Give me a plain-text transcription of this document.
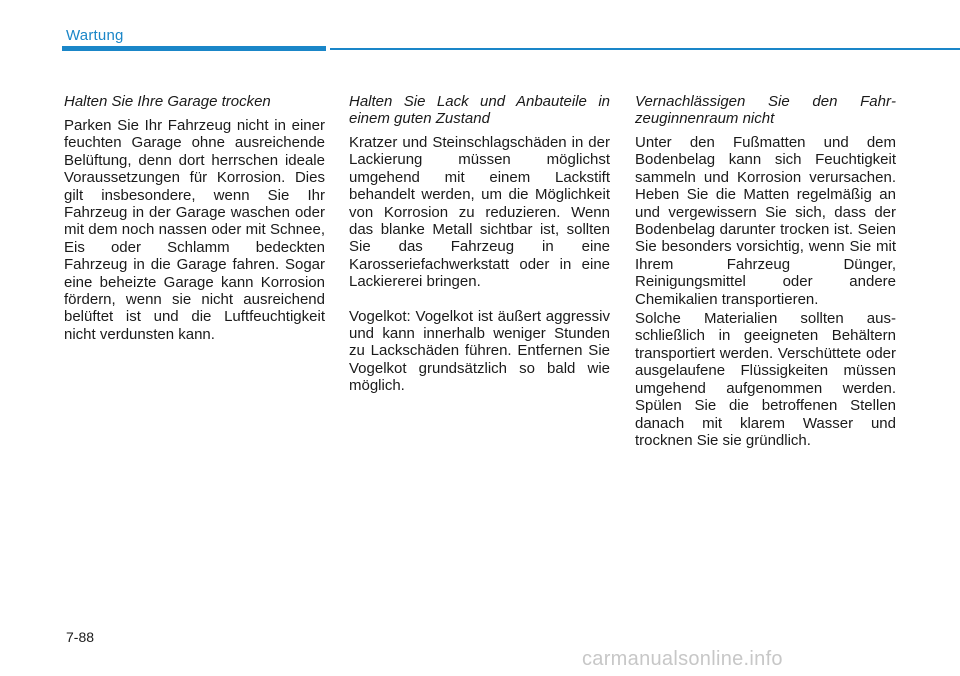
Wartung

Halten Sie Ihre Garage trocken

Parken Sie Ihr Fahrzeug nicht in einer feuchten Garage ohne ausreichende Belüftung, denn dort herrschen ideale Voraussetzungen für Korrosion. Dies gilt insbesondere, wenn Sie Ihr Fahrzeug in der Garage waschen oder mit dem noch nassen oder mit Schnee, Eis oder Schlamm bedeckten Fahrzeug in die Garage fahren. Sogar eine beheizte Garage kann Korrosion fördern, wenn sie nicht ausreichend belüftet ist und die Luftfeuchtigkeit nicht verdunsten kann.

Halten Sie Lack und Anbauteile in einem guten Zustand

Kratzer und Steinschlagschäden in der Lackierung müssen möglichst umgehend mit einem Lackstift behandelt werden, um die Möglichkeit von Korrosion zu reduzieren. Wenn das blanke Metall sichtbar ist, sollten Sie das Fahrzeug in eine Karosseriefachwerkstatt oder in eine Lackiererei bringen.

Vogelkot: Vogelkot ist äußert aggressiv und kann innerhalb weniger Stunden zu Lackschäden führen. Entfernen Sie Vogelkot grundsätzlich so bald wie möglich.

Vernachlässigen Sie den Fahrzeuginnenraum nicht

Unter den Fußmatten und dem Bodenbelag kann sich Feuchtigkeit sammeln und Korrosion verursachen. Heben Sie die Matten regelmäßig an und vergewissern Sie sich, dass der Bodenbelag darunter trocken ist. Seien Sie besonders vorsichtig, wenn Sie mit Ihrem Fahrzeug Dünger, Reinigungsmittel oder andere Chemikalien transportieren.

Solche Materialien sollten ausschließlich in geeigneten Behältern transportiert werden. Verschüttete oder ausgelaufene Flüssigkeiten müssen umgehend aufgenommen werden. Spülen Sie die betroffenen Stellen danach mit klarem Wasser und trocknen Sie sie gründlich.

7-88
carmanualsonline.info
